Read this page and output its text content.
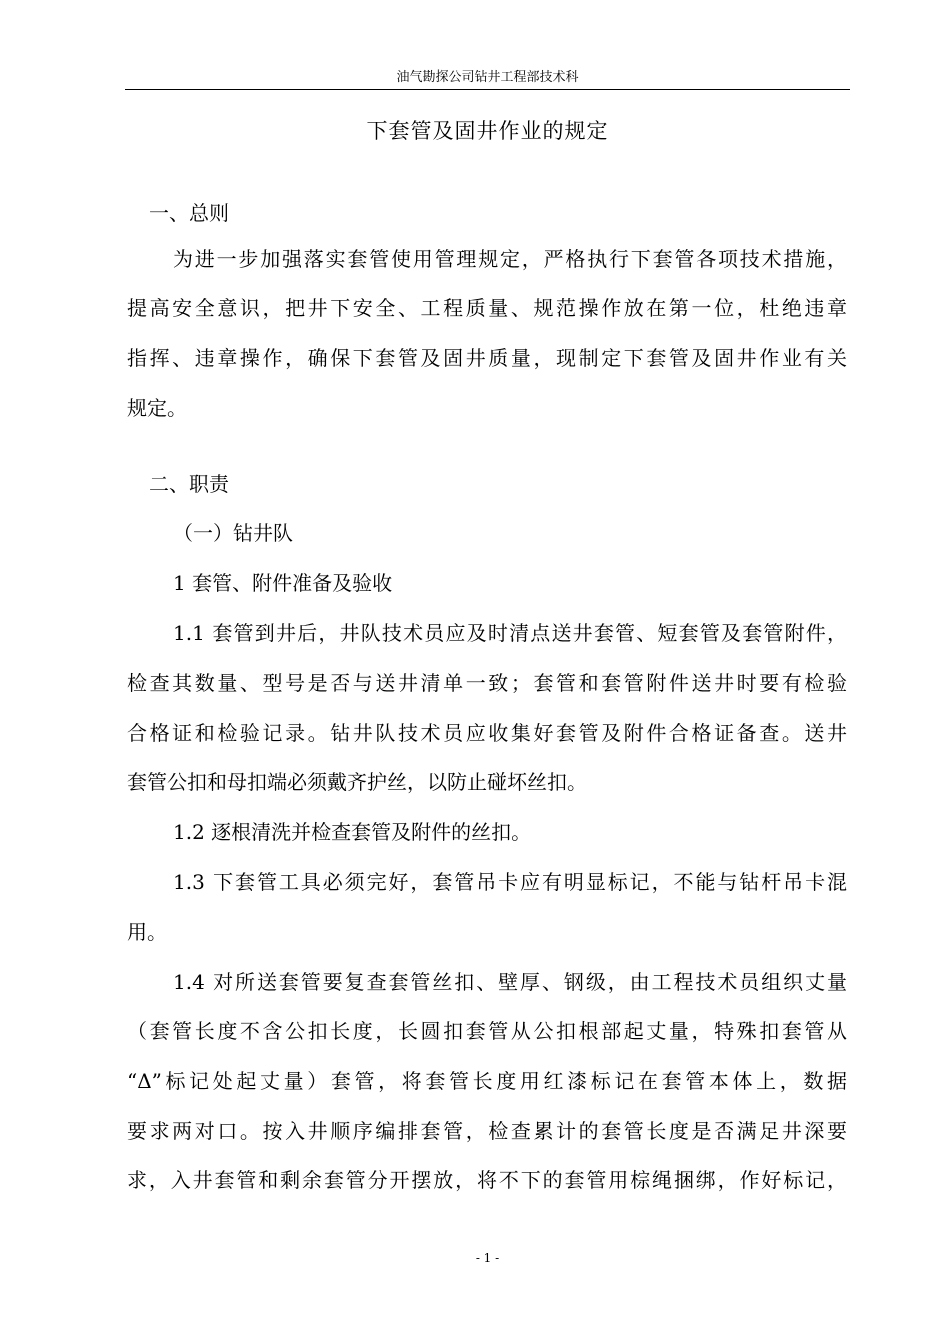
油气勘探公司钻井工程部技术科
下套管及固井作业的规定
一、总则
为进一步加强落实套管使用管理规定，严格执行下套管各项技术措施，
提高安全意识，把井下安全、工程质量、规范操作放在第一位，杜绝违章
指挥、违章操作，确保下套管及固井质量，现制定下套管及固井作业有关
规定。
二、职责
（一）钻井队
1 套管、附件准备及验收
1.1 套管到井后，井队技术员应及时清点送井套管、短套管及套管附件，
检查其数量、型号是否与送井清单一致；套管和套管附件送井时要有检验
合格证和检验记录。钻井队技术员应收集好套管及附件合格证备查。送井
套管公扣和母扣端必须戴齐护丝，以防止碰坏丝扣。
1.2 逐根清洗并检查套管及附件的丝扣。
1.3 下套管工具必须完好，套管吊卡应有明显标记，不能与钻杆吊卡混
用。
1.4 对所送套管要复查套管丝扣、壁厚、钢级，由工程技术员组织丈量
（套管长度不含公扣长度，长圆扣套管从公扣根部起丈量，特殊扣套管从
“Δ”标记处起丈量）套管，将套管长度用红漆标记在套管本体上，数据
要求两对口。按入井顺序编排套管，检查累计的套管长度是否满足井深要
求，入井套管和剩余套管分开摆放，将不下的套管用棕绳捆绑，作好标记，
- 1 -
